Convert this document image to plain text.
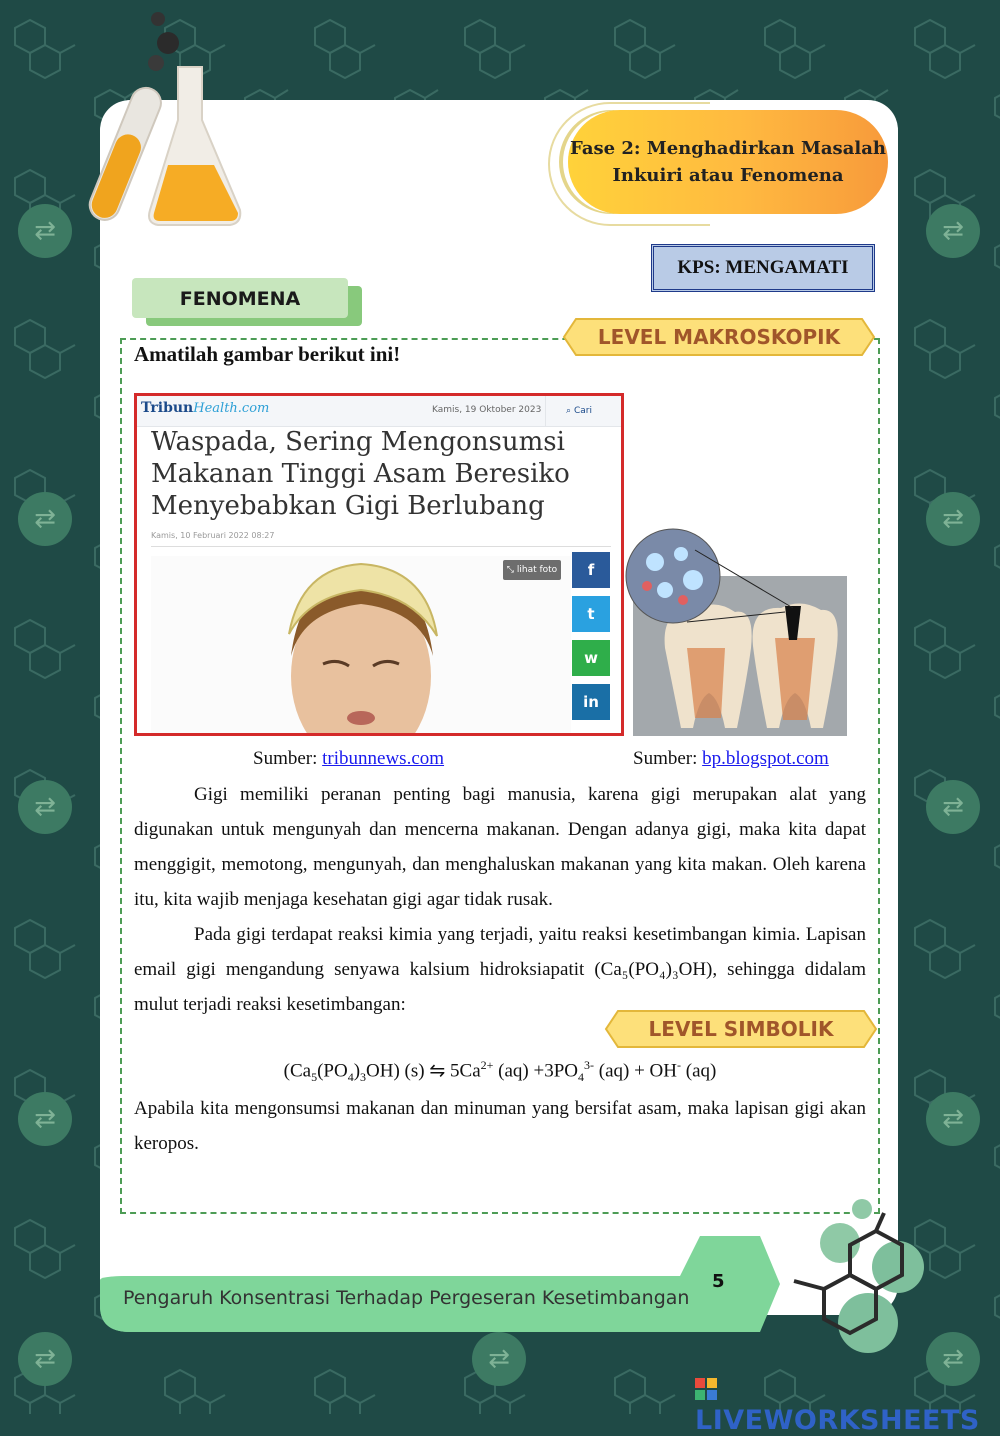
⇄	⇄
⇄	⇄
⇄	⇄
⇄	⇄
⇄	⇄	⇄
Fase 2: Menghadirkan Masalah
Inkuiri atau Fenomena
KPS: MENGAMATI
FENOMENA
LEVEL MAKROSKOPIK
Amatilah gambar berikut ini!
TribunHealth.com	Kamis, 19 Oktober 2023	⌕ Cari
Waspada, Sering Mengonsumsi
Makanan Tinggi Asam Beresiko
Menyebabkan Gigi Berlubang
Kamis, 10 Februari 2022 08:27
⤡ lihat foto	f
t
w
in
Sumber: tribunnews.com	Sumber: bp.blogspot.com
Gigi memiliki peranan penting bagi manusia, karena gigi merupakan alat yang digunakan untuk mengunyah dan mencerna makanan. Dengan adanya gigi, maka kita dapat menggigit, memotong, mengunyah, dan menghaluskan makanan yang kita makan. Oleh karena itu, kita wajib menjaga kesehatan gigi agar tidak rusak.
Pada gigi terdapat reaksi kimia yang terjadi, yaitu reaksi kesetimbangan kimia. Lapisan email gigi mengandung senyawa kalsium hidroksiapatit (Ca₅(PO₄)₃OH), sehingga didalam mulut terjadi reaksi kesetimbangan:
LEVEL SIMBOLIK
$(Ca_5(PO_4)_3OH)$ (s) ⇋ $5Ca^{2+}$ $(aq) +3PO_4^{3-}$ (aq) + OH- (aq)
Apabila kita mengonsumsi makanan dan minuman yang bersifat asam, maka lapisan gigi akan keropos.
Pengaruh Konsentrasi Terhadap Pergeseran Kesetimbangan
5
LIVEWORKSHEETS
